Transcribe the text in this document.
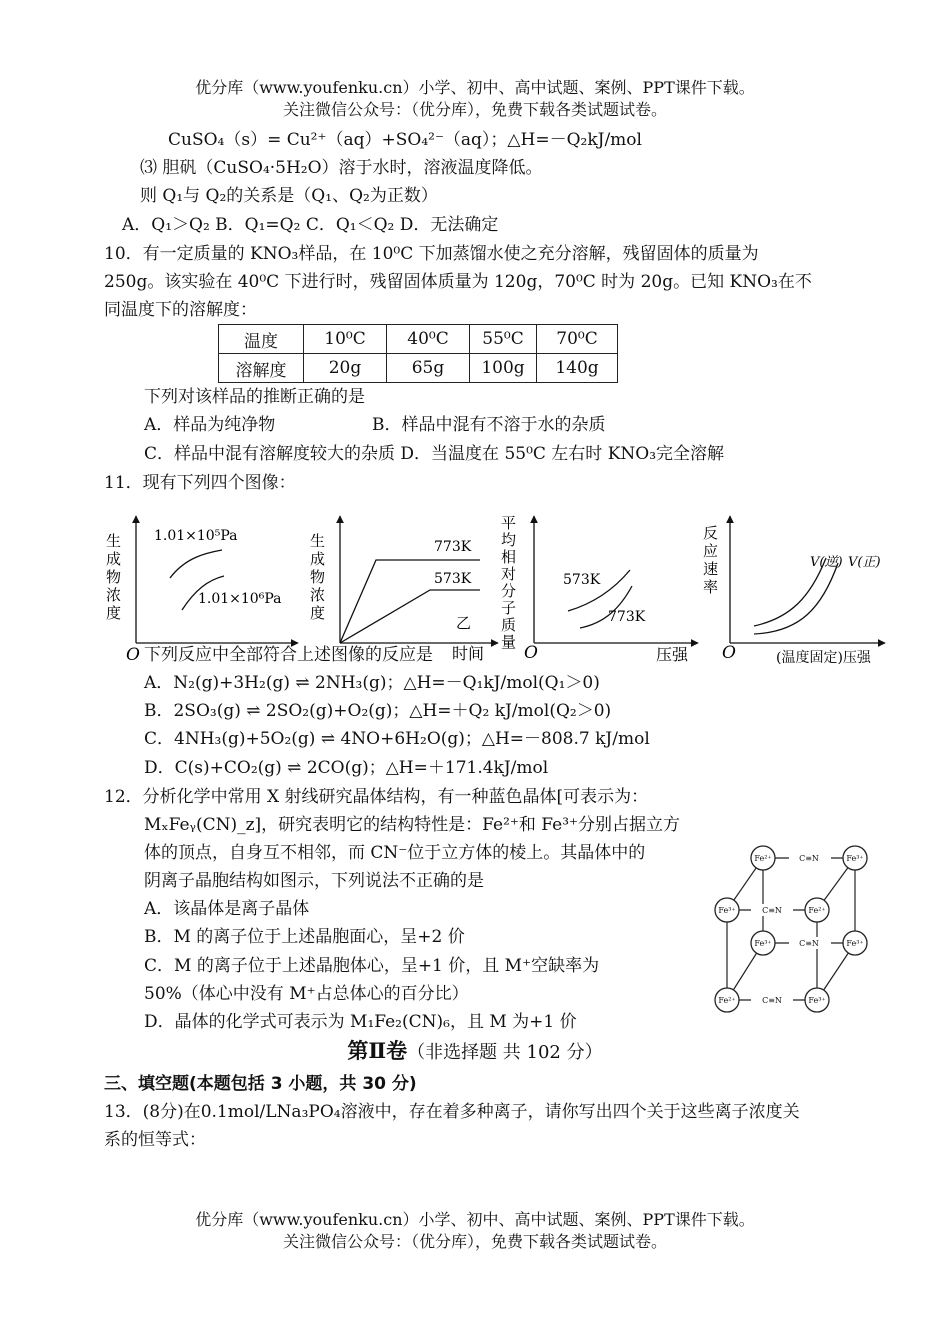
优分库（www.youfenku.cn）小学、初中、高中试题、案例、PPT课件下载。
关注微信公众号：（优分库），免费下载各类试题试卷。
CuSO₄（s）= Cu²⁺（aq）+SO₄²⁻（aq）；△H=－Q₂kJ/mol
⑶ 胆矾（CuSO₄·5H₂O）溶于水时，溶液温度降低。
则 Q₁与 Q₂的关系是（Q₁、Q₂为正数）
A．Q₁＞Q₂ B．Q₁=Q₂ C．Q₁＜Q₂ D．无法确定
10．有一定质量的 KNO₃样品，在 10⁰C 下加蒸馏水使之充分溶解，残留固体的质量为
250g。该实验在 40⁰C 下进行时，残留固体质量为 120g，70⁰C 时为 20g。已知 KNO₃在不
同温度下的溶解度：
温度	10⁰C	40⁰C	55⁰C	70⁰C
溶解度	20g	65g	100g	140g
下列对该样品的推断正确的是
A．样品为纯净物	B．样品中混有不溶于水的杂质
C．样品中混有溶解度较大的杂质 D．当温度在 55⁰C 左右时 KNO₃完全溶解
11．现有下列四个图像：
生成物浓度
1.01×10⁵Pa
1.01×10⁶Pa
O
生成物浓度
773K
573K
乙
时间
平均相对分子质量
573K
773K
O	压强
反应速率
V(逆) V(正)
O	(温度固定)压强
下列反应中全部符合上述图像的反应是
A．N₂(g)+3H₂(g) ⇌ 2NH₃(g)；△H=－Q₁kJ/mol(Q₁＞0)
B．2SO₃(g) ⇌ 2SO₂(g)+O₂(g)；△H=＋Q₂ kJ/mol(Q₂＞0)
C．4NH₃(g)+5O₂(g) ⇌ 4NO+6H₂O(g)；△H=－808.7 kJ/mol
D．C(s)+CO₂(g) ⇌ 2CO(g)；△H=＋171.4kJ/mol
12．分析化学中常用 X 射线研究晶体结构，有一种蓝色晶体[可表示为：
MₓFeᵧ(CN)_z]，研究表明它的结构特性是：Fe²⁺和 Fe³⁺分别占据立方
体的顶点，自身互不相邻，而 CN⁻位于立方体的棱上。其晶体中的
阴离子晶胞结构如图示，下列说法不正确的是
A．该晶体是离子晶体
B．M 的离子位于上述晶胞面心，呈+2 价
C．M 的离子位于上述晶胞体心，呈+1 价，且 M⁺空缺率为
50%（体心中没有 M⁺占总体心的百分比）
D．晶体的化学式可表示为 M₁Fe₂(CN)₆，且 M 为+1 价
Fe²⁺	Fe³⁺
Fe³⁺	Fe³⁺
Fe³⁺	Fe²⁺
Fe²⁺	Fe³⁺
C≡N
C≡N
C≡N
C≡N
第Ⅱ卷（非选择题 共 102 分）
三、填空题(本题包括 3 小题，共 30 分)
13．(8分)在0.1mol/LNa₃PO₄溶液中，存在着多种离子，请你写出四个关于这些离子浓度关
系的恒等式：
优分库（www.youfenku.cn）小学、初中、高中试题、案例、PPT课件下载。
关注微信公众号：（优分库），免费下载各类试题试卷。
